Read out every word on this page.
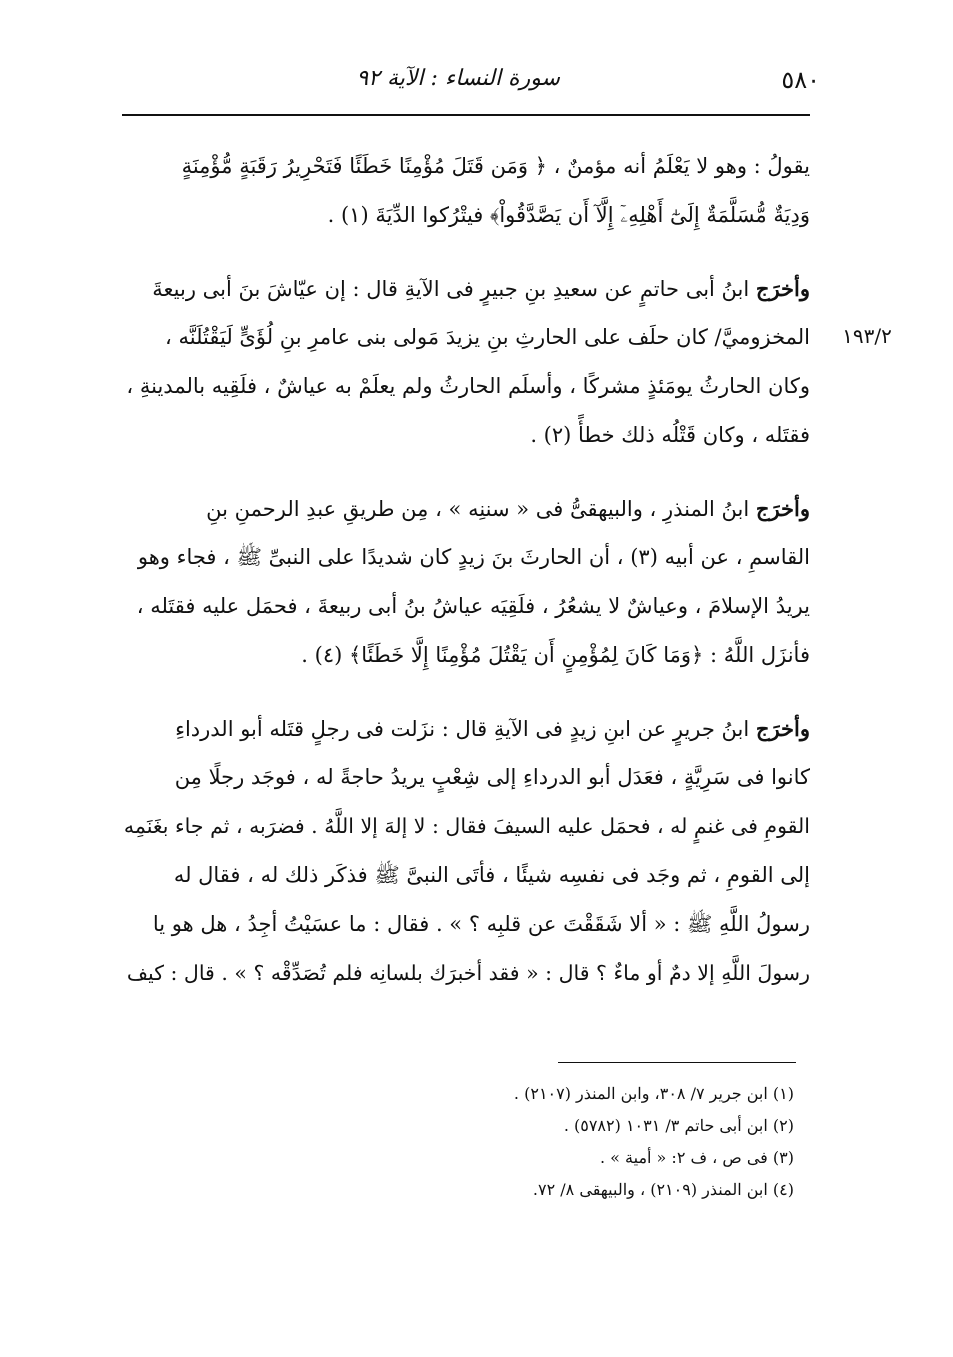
٥٨٠
سورة النساء : الآية ٩٢
١٩٣/٢
يقولُ : وهو لا يَعْلَمُ أنه مؤمنٌ ، ﴿ وَمَن قَتَلَ مُؤْمِنًا خَطَئًا فَتَحْرِيرُ رَقَبَةٍ مُّؤْمِنَةٍ
وَدِيَةٌ مُّسَلَّمَةٌ إِلَىٰٓ أَهْلِهِۦٓ إِلَّآ أَن يَصَّدَّقُواْ﴾ فيتْرُكوا الدِّيَةَ (١) .
وأخرَج ابنُ أبى حاتمٍ عن سعيدِ بنِ جبيرٍ فى الآيةِ قال : إن عيّاشَ بنَ أبى ربيعةَ
المخزوميَّ/ كان حلَف على الحارثِ بنِ يزيدَ مَولى بنى عامرِ بنِ لُؤَىٍّ لَيَقْتُلَنَّه ،
وكان الحارثُ يومَئذٍ مشركًا ، وأسلَم الحارثُ ولم يعلَمْ به عياشٌ ، فلَقِيه بالمدينةِ ،
فقتَله ، وكان قَتْلُه ذلك خطأً (٢) .
وأخرَج ابنُ المنذرِ ، والبيهقىُّ فى « سننِه » ، مِن طريقِ عبدِ الرحمنِ بنِ
القاسمِ ، عن أبيه (٣) ، أن الحارثَ بنَ زيدٍ كان شديدًا على النبىِّ ﷺ ، فجاء وهو
يريدُ الإسلامَ ، وعياشٌ لا يشعُرُ ، فلَقِيَه عياشُ بنُ أبى ربيعةَ ، فحمَل عليه فقتَله ،
فأنزَل اللَّهُ : ﴿وَمَا كَانَ لِمُؤْمِنٍ أَن يَقْتُلَ مُؤْمِنًا إِلَّا خَطَئًا﴾ (٤) .
وأخرَج ابنُ جريرٍ عن ابنِ زيدٍ فى الآيةِ قال : نزَلت فى رجلٍ قتَله أبو الدرداءِ
كانوا فى سَرِيَّةٍ ، فعَدَل أبو الدرداءِ إلى شِعْبٍ يريدُ حاجةً له ، فوجَد رجلًا مِن
القومِ فى غنمٍ له ، فحمَل عليه السيفَ فقال : لا إلهَ إلا اللَّهُ . فضرَبه ، ثم جاء بغَنَمِه
إلى القومِ ، ثم وجَد فى نفسِه شيئًا ، فأتَى النبىَّ ﷺ فذكَر ذلك له ، فقال له
رسولُ اللَّهِ ﷺ : « ألا شَقَقْتَ عن قلبِه ؟ » . فقال : ما عسَيْتُ أجِدُ ، هل هو يا
رسولَ اللَّهِ إلا دمٌ أو ماءٌ ؟ قال : « فقد أخبرَك بلسانِه فلم تُصَدِّقْه ؟ » . قال : كيف
(١) ابن جرير ٧/ ٣٠٨، وابن المنذر (٢١٠٧) .
(٢) ابن أبى حاتم ٣/ ١٠٣١ (٥٧٨٢) .
(٣) فى ص ، ف ٢: « أمية » .
(٤) ابن المنذر (٢١٠٩) ، والبيهقى ٨/ ٧٢.
